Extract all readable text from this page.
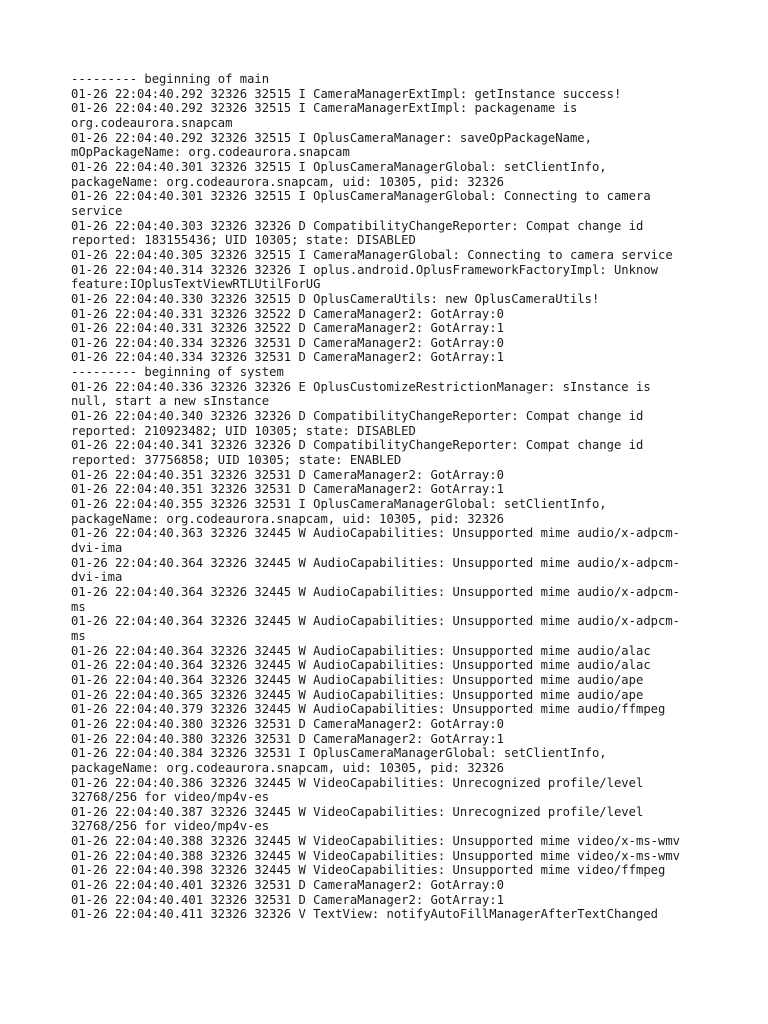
--------- beginning of main
01-26 22:04:40.292 32326 32515 I CameraManagerExtImpl: getInstance success!
01-26 22:04:40.292 32326 32515 I CameraManagerExtImpl: packagename is
org.codeaurora.snapcam
01-26 22:04:40.292 32326 32515 I OplusCameraManager: saveOpPackageName,
mOpPackageName: org.codeaurora.snapcam
01-26 22:04:40.301 32326 32515 I OplusCameraManagerGlobal: setClientInfo,
packageName: org.codeaurora.snapcam, uid: 10305, pid: 32326
01-26 22:04:40.301 32326 32515 I OplusCameraManagerGlobal: Connecting to camera
service
01-26 22:04:40.303 32326 32326 D CompatibilityChangeReporter: Compat change id
reported: 183155436; UID 10305; state: DISABLED
01-26 22:04:40.305 32326 32515 I CameraManagerGlobal: Connecting to camera service
01-26 22:04:40.314 32326 32326 I oplus.android.OplusFrameworkFactoryImpl: Unknow
feature:IOplusTextViewRTLUtilForUG
01-26 22:04:40.330 32326 32515 D OplusCameraUtils: new OplusCameraUtils!
01-26 22:04:40.331 32326 32522 D CameraManager2: GotArray:0
01-26 22:04:40.331 32326 32522 D CameraManager2: GotArray:1
01-26 22:04:40.334 32326 32531 D CameraManager2: GotArray:0
01-26 22:04:40.334 32326 32531 D CameraManager2: GotArray:1
--------- beginning of system
01-26 22:04:40.336 32326 32326 E OplusCustomizeRestrictionManager: sInstance is
null, start a new sInstance
01-26 22:04:40.340 32326 32326 D CompatibilityChangeReporter: Compat change id
reported: 210923482; UID 10305; state: DISABLED
01-26 22:04:40.341 32326 32326 D CompatibilityChangeReporter: Compat change id
reported: 37756858; UID 10305; state: ENABLED
01-26 22:04:40.351 32326 32531 D CameraManager2: GotArray:0
01-26 22:04:40.351 32326 32531 D CameraManager2: GotArray:1
01-26 22:04:40.355 32326 32531 I OplusCameraManagerGlobal: setClientInfo,
packageName: org.codeaurora.snapcam, uid: 10305, pid: 32326
01-26 22:04:40.363 32326 32445 W AudioCapabilities: Unsupported mime audio/x-adpcm-
dvi-ima
01-26 22:04:40.364 32326 32445 W AudioCapabilities: Unsupported mime audio/x-adpcm-
dvi-ima
01-26 22:04:40.364 32326 32445 W AudioCapabilities: Unsupported mime audio/x-adpcm-
ms
01-26 22:04:40.364 32326 32445 W AudioCapabilities: Unsupported mime audio/x-adpcm-
ms
01-26 22:04:40.364 32326 32445 W AudioCapabilities: Unsupported mime audio/alac
01-26 22:04:40.364 32326 32445 W AudioCapabilities: Unsupported mime audio/alac
01-26 22:04:40.364 32326 32445 W AudioCapabilities: Unsupported mime audio/ape
01-26 22:04:40.365 32326 32445 W AudioCapabilities: Unsupported mime audio/ape
01-26 22:04:40.379 32326 32445 W AudioCapabilities: Unsupported mime audio/ffmpeg
01-26 22:04:40.380 32326 32531 D CameraManager2: GotArray:0
01-26 22:04:40.380 32326 32531 D CameraManager2: GotArray:1
01-26 22:04:40.384 32326 32531 I OplusCameraManagerGlobal: setClientInfo,
packageName: org.codeaurora.snapcam, uid: 10305, pid: 32326
01-26 22:04:40.386 32326 32445 W VideoCapabilities: Unrecognized profile/level
32768/256 for video/mp4v-es
01-26 22:04:40.387 32326 32445 W VideoCapabilities: Unrecognized profile/level
32768/256 for video/mp4v-es
01-26 22:04:40.388 32326 32445 W VideoCapabilities: Unsupported mime video/x-ms-wmv
01-26 22:04:40.388 32326 32445 W VideoCapabilities: Unsupported mime video/x-ms-wmv
01-26 22:04:40.398 32326 32445 W VideoCapabilities: Unsupported mime video/ffmpeg
01-26 22:04:40.401 32326 32531 D CameraManager2: GotArray:0
01-26 22:04:40.401 32326 32531 D CameraManager2: GotArray:1
01-26 22:04:40.411 32326 32326 V TextView: notifyAutoFillManagerAfterTextChanged
